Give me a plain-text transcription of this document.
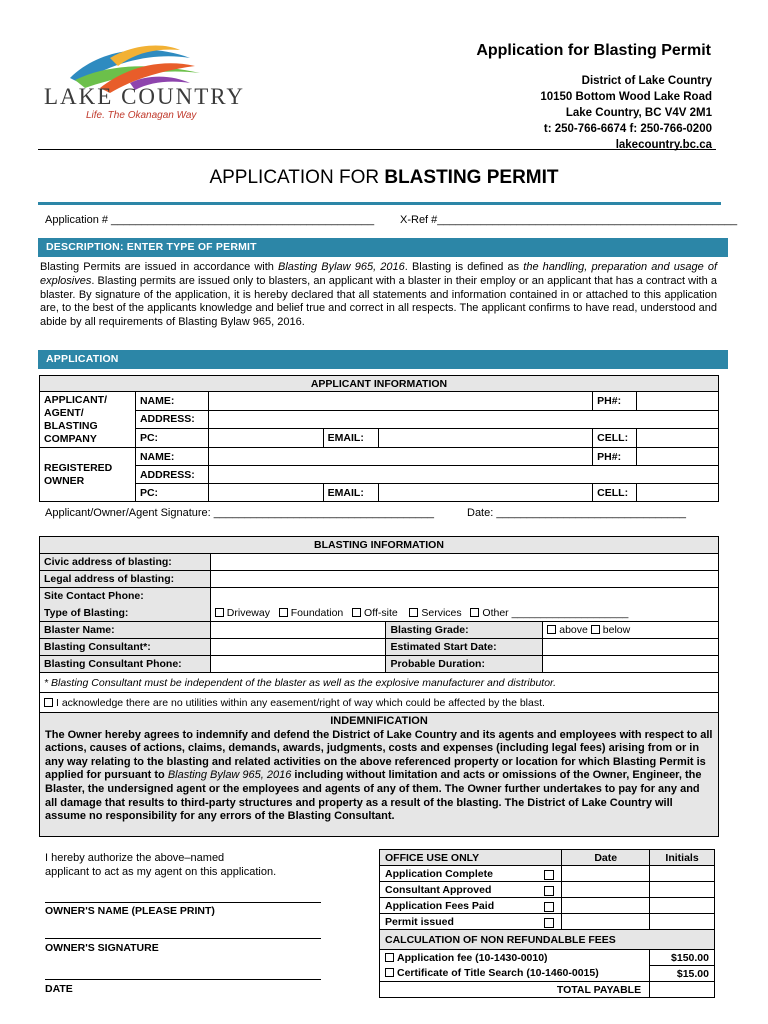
LAKE COUNTRY
Life. The Okanagan Way
Application for Blasting Permit
District of Lake Country
10150 Bottom Wood Lake Road
Lake Country, BC V4V 2M1
t: 250-766-6674 f: 250-766-0200
lakecountry.bc.ca
APPLICATION FOR BLASTING PERMIT
Application # ___________________________________________ X-Ref #_________________________________________________
DESCRIPTION: ENTER TYPE OF PERMIT
Blasting Permits are issued in accordance with Blasting Bylaw 965, 2016. Blasting is defined as the handling, preparation and usage of explosives. Blasting permits are issued only to blasters, an applicant with a blaster in their employ or an applicant that has a contract with a blaster. By signature of the application, it is hereby declared that all statements and information contained in or attached to this application are, to the best of the applicants knowledge and belief true and correct in all respects. The applicant confirms to have read, understood and abide by all requirements of Blasting Bylaw 965, 2016.
APPLICATION
APPLICANT INFORMATION						
APPLICANT/ AGENT/ BLASTING COMPANY	NAME:				PH#:	
	ADDRESS:					
	PC:		EMAIL:		CELL:	
REGISTERED OWNER	NAME:				PH#:	
	ADDRESS:					
	PC:		EMAIL:		CELL:	
Applicant/Owner/Agent Signature: ____________________________________	Date: _______________________________
BLASTING INFORMATION			
Civic address of blasting:			
Legal address of blasting:			
Site Contact Phone:			
Type of Blasting:	Driveway Foundation Off-site Services Other ____________________		
Blaster Name:		Blasting Grade:	above below
Blasting Consultant*:		Estimated Start Date:	
Blasting Consultant Phone:		Probable Duration:	
* Blasting Consultant must be independent of the blaster as well as the explosive manufacturer and distributor.			
I acknowledge there are no utilities within any easement/right of way which could be affected by the blast.			
INDEMNIFICATION
The Owner hereby agrees to indemnify and defend the District of Lake Country and its agents and employees with respect to all actions, causes of actions, claims, demands, awards, judgments, costs and expenses (including legal fees) arising from or in any way relating to the blasting and related activities on the above referenced property or location for which Blasting Permit is applied for pursuant to Blasting Bylaw 965, 2016 including without limitation and acts or omissions of the Owner, Engineer, the Blaster, the undersigned agent or the employees and agents of any of them. The Owner further undertakes to pay for any and all damage that results to third-party structures and property as a result of the blasting. The District of Lake Country will assume no responsibility for any errors of the Blasting Consultant.
I hereby authorize the above–named
applicant to act as my agent on this application.
OWNER'S NAME (PLEASE PRINT)
OWNER'S SIGNATURE
DATE
OFFICE USE ONLY	Date	Initials
Application Complete

Consultant Approved

Application Fees Paid

Permit issued

CALCULATION OF NON REFUNDALBLE FEES		
Application fee (10-1430-0010)		$150.00
Certificate of Title Search (10-1460-0015)		$15.00
TOTAL PAYABLE		
